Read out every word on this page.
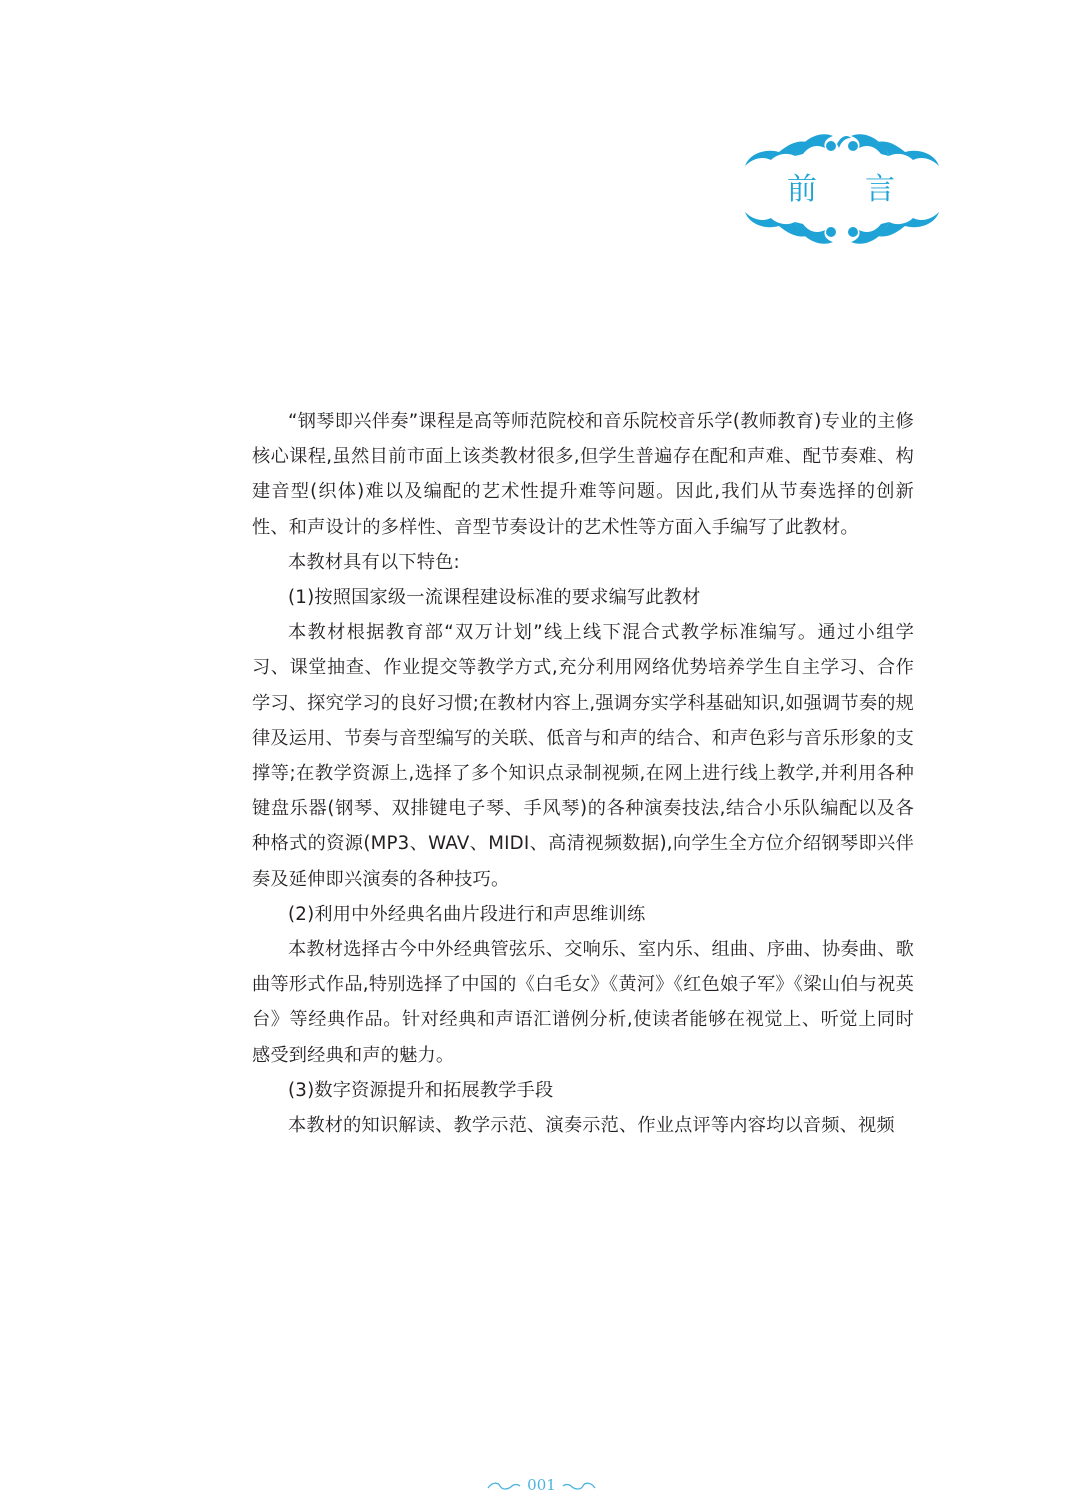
前 言

“钢琴即兴伴奏”课程是高等师范院校和音乐院校音乐学(教师教育)专业的主修核心课程,虽然目前市面上该类教材很多,但学生普遍存在配和声难、配节奏难、构建音型(织体)难以及编配的艺术性提升难等问题。因此,我们从节奏选择的创新性、和声设计的多样性、音型节奏设计的艺术性等方面入手编写了此教材。

本教材具有以下特色:

(1)按照国家级一流课程建设标准的要求编写此教材

本教材根据教育部“双万计划”线上线下混合式教学标准编写。通过小组学习、课堂抽查、作业提交等教学方式,充分利用网络优势培养学生自主学习、合作学习、探究学习的良好习惯;在教材内容上,强调夯实学科基础知识,如强调节奏的规律及运用、节奏与音型编写的关联、低音与和声的结合、和声色彩与音乐形象的支撑等;在教学资源上,选择了多个知识点录制视频,在网上进行线上教学,并利用各种键盘乐器(钢琴、双排键电子琴、手风琴)的各种演奏技法,结合小乐队编配以及各种格式的资源(MP3、WAV、MIDI、高清视频数据),向学生全方位介绍钢琴即兴伴奏及延伸即兴演奏的各种技巧。

(2)利用中外经典名曲片段进行和声思维训练

本教材选择古今中外经典管弦乐、交响乐、室内乐、组曲、序曲、协奏曲、歌曲等形式作品,特别选择了中国的《白毛女》《黄河》《红色娘子军》《梁山伯与祝英台》等经典作品。针对经典和声语汇谱例分析,使读者能够在视觉上、听觉上同时感受到经典和声的魅力。

(3)数字资源提升和拓展教学手段

本教材的知识解读、教学示范、演奏示范、作业点评等内容均以音频、视频

001
